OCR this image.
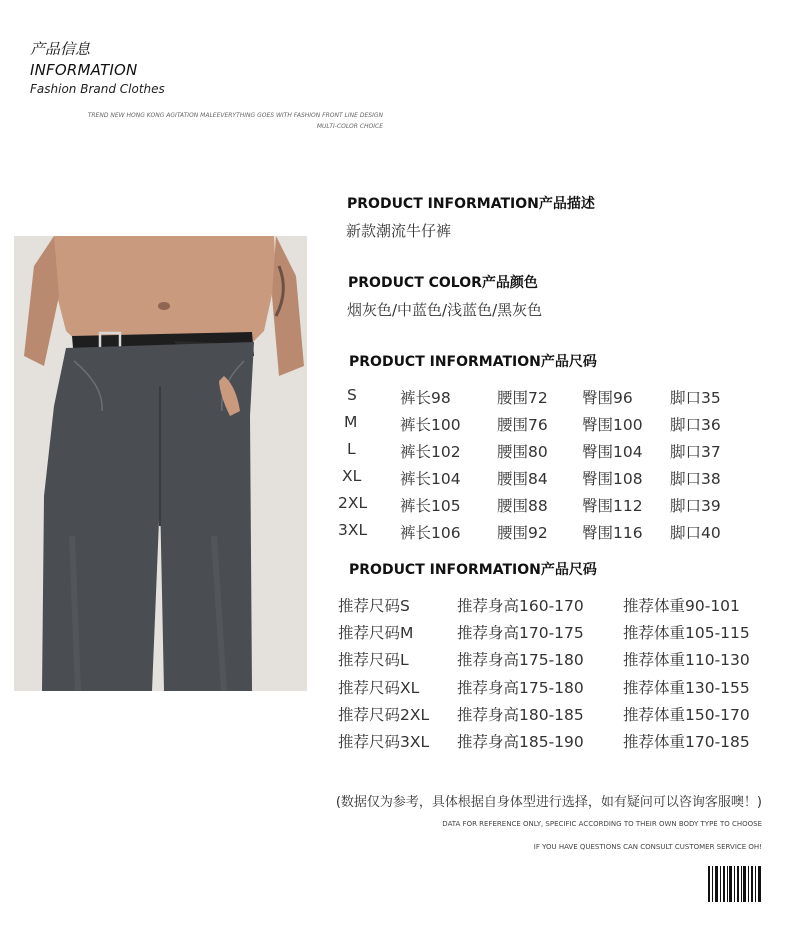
产品信息
INFORMATION
Fashion Brand Clothes
TREND NEW HONG KONG AGITATION MALEEVERYTHING GOES WITH FASHION FRONT LINE DESIGN
MULTI-COLOR CHOICE
PRODUCT INFORMATION产品描述
新款潮流牛仔裤
PRODUCT COLOR产品颜色
烟灰色/中蓝色/浅蓝色/黑灰色
PRODUCT INFORMATION产品尺码
S	裤长98	腰围72 臀围96 脚口35
M	裤长100 腰围76 臀围100 脚口36
L	裤长102 腰围80 臀围104 脚口37
XL 裤长104 腰围84 臀围108 脚口38
2XL 裤长105 腰围88 臀围112 脚口39
3XL 裤长106 腰围92 臀围116 脚口40
PRODUCT INFORMATION产品尺码
推荐尺码S	推荐身高160-170	推荐体重90-101
推荐尺码M	推荐身高170-175	推荐体重105-115
推荐尺码L	推荐身高175-180	推荐体重110-130
推荐尺码XL 推荐身高175-180	推荐体重130-155
推荐尺码2XL 推荐身高180-185	推荐体重150-170
推荐尺码3XL 推荐身高185-190	推荐体重170-185
(数据仅为参考，具体根据自身体型进行选择，如有疑问可以咨询客服噢！)
DATA FOR REFERENCE ONLY, SPECIFIC ACCORDING TO THEIR OWN BODY TYPE TO CHOOSE
IF YOU HAVE QUESTIONS CAN CONSULT CUSTOMER SERVICE OH!
